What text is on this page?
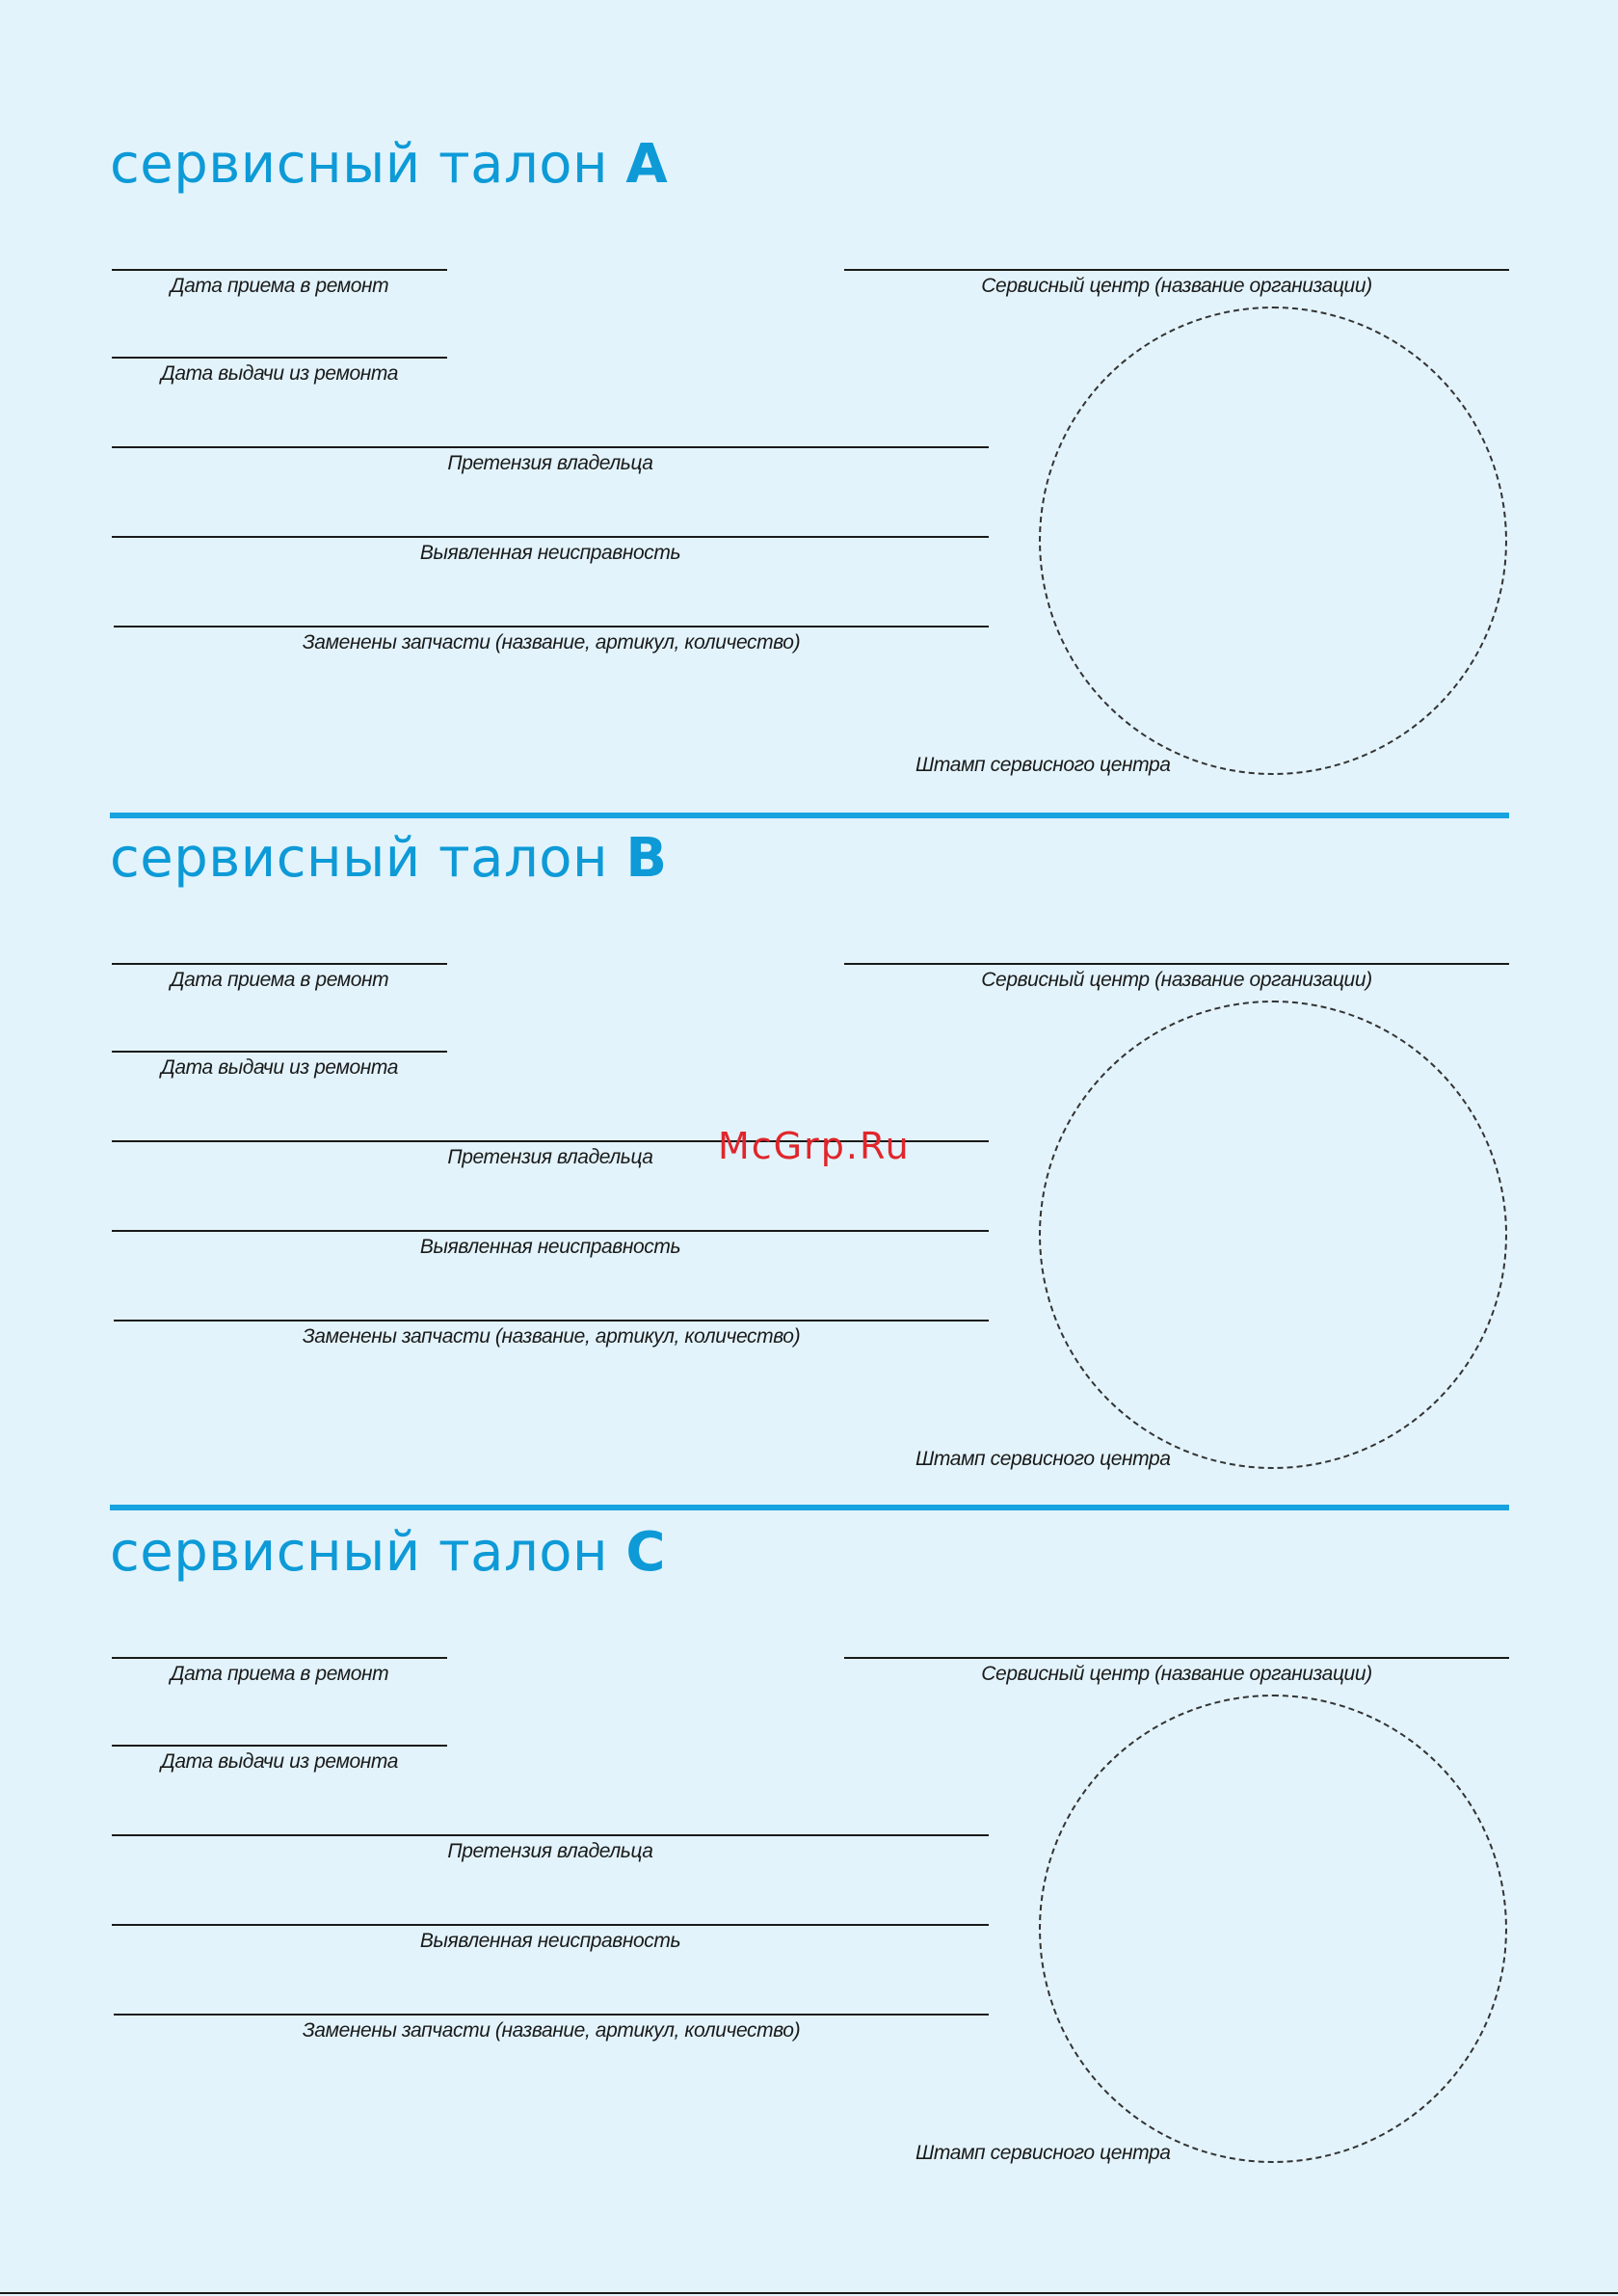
сервисный талон A
Дата приема в ремонт
Дата выдачи из ремонта
Претензия владельца
Выявленная неисправность
Заменены запчасти (название, артикул, количество)
Сервисный центр (название организации)
Штамп сервисного центра
сервисный талон B
Дата приема в ремонт
Дата выдачи из ремонта
Претензия владельца
Выявленная неисправность
Заменены запчасти (название, артикул, количество)
Сервисный центр (название организации)
Штамп сервисного центра
сервисный талон C
Дата приема в ремонт
Дата выдачи из ремонта
Претензия владельца
Выявленная неисправность
Заменены запчасти (название, артикул, количество)
Сервисный центр (название организации)
Штамп сервисного центра
McGrp.Ru
